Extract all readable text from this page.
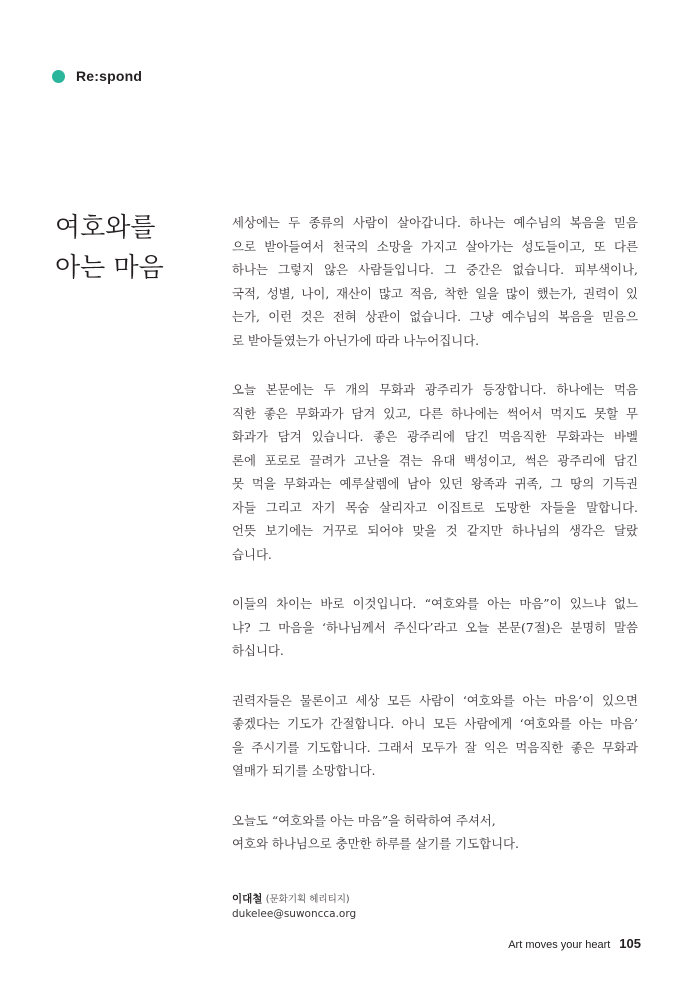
Re:spond
여호와를
아는 마음

세상에는 두 종류의 사람이 살아갑니다. 하나는 예수님의 복음을 믿음
으로 받아들여서 천국의 소망을 가지고 살아가는 성도들이고, 또 다른
하나는 그렇지 않은 사람들입니다. 그 중간은 없습니다. 피부색이나,
국적, 성별, 나이, 재산이 많고 적음, 착한 일을 많이 했는가, 권력이 있
는가, 이런 것은 전혀 상관이 없습니다. 그냥 예수님의 복음을 믿음으
로 받아들였는가 아닌가에 따라 나누어집니다.

오늘 본문에는 두 개의 무화과 광주리가 등장합니다. 하나에는 먹음
직한 좋은 무화과가 담겨 있고, 다른 하나에는 썩어서 먹지도 못할 무
화과가 담겨 있습니다. 좋은 광주리에 담긴 먹음직한 무화과는 바벨
론에 포로로 끌려가 고난을 겪는 유대 백성이고, 썩은 광주리에 담긴
못 먹을 무화과는 예루살렘에 남아 있던 왕족과 귀족, 그 땅의 기득권
자들 그리고 자기 목숨 살리자고 이집트로 도망한 자들을 말합니다.
언뜻 보기에는 거꾸로 되어야 맞을 것 같지만 하나님의 생각은 달랐
습니다.

이들의 차이는 바로 이것입니다. “여호와를 아는 마음”이 있느냐 없느
냐? 그 마음을 ‘하나님께서 주신다’라고 오늘 본문(7절)은 분명히 말씀
하십니다.

권력자들은 물론이고 세상 모든 사람이 ‘여호와를 아는 마음’이 있으면
좋겠다는 기도가 간절합니다. 아니 모든 사람에게 ‘여호와를 아는 마음’
을 주시기를 기도합니다. 그래서 모두가 잘 익은 먹음직한 좋은 무화과
열매가 되기를 소망합니다.

오늘도 “여호와를 아는 마음”을 허락하여 주셔서,
여호와 하나님으로 충만한 하루를 살기를 기도합니다.

이대철 (문화기획 헤리티지)
dukelee@suwoncca.org
Art moves your heart 105
